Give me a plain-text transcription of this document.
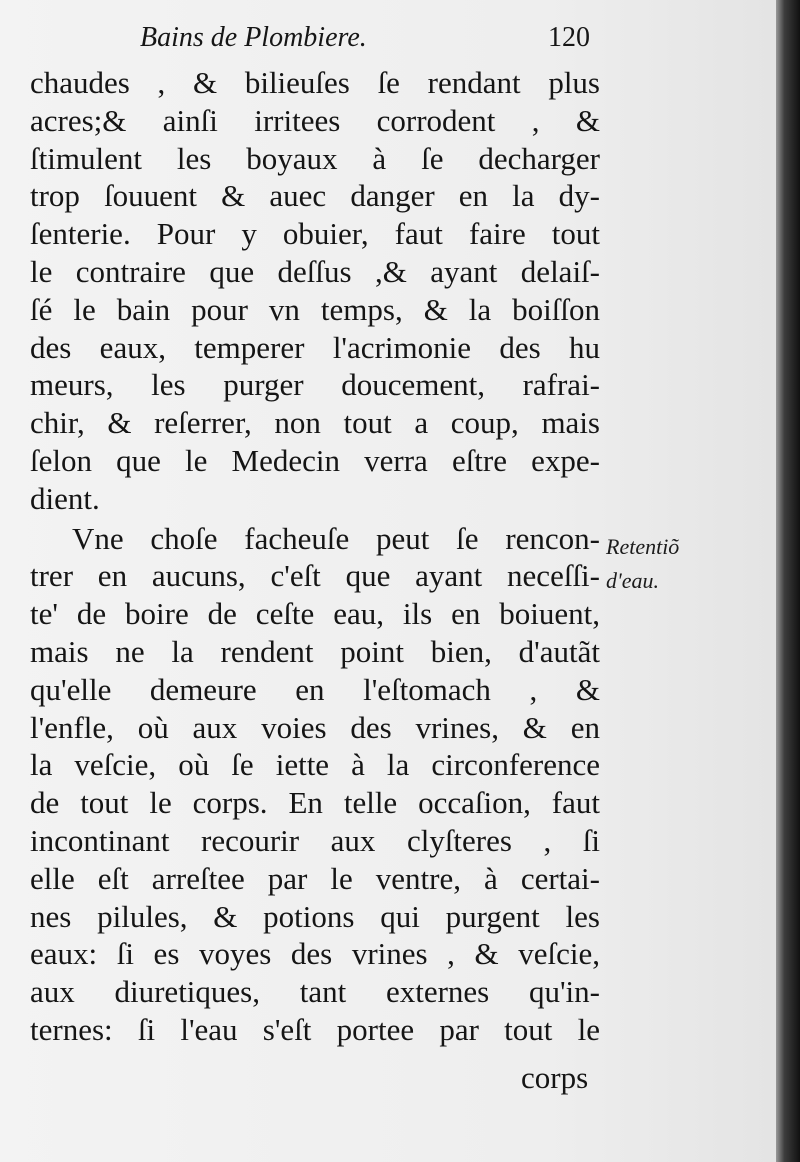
Bains de Plombiere.	120
chaudes , & bilieuſes ſe rendant plus
acres;& ainſi irritees corrodent , &
ſtimulent les boyaux à ſe decharger
trop ſouuent & auec danger en la dy-
ſenterie. Pour y obuier, faut faire tout
le contraire que deſſus ,& ayant delaiſ-
ſé le bain pour vn temps, & la boiſſon
des eaux, temperer l'acrimonie des hu
meurs, les purger doucement, rafrai-
chir, & reſerrer, non tout a coup, mais
ſelon que le Medecin verra eſtre expe-
dient.
Vne choſe facheuſe peut ſe rencon-
trer en aucuns, c'eſt que ayant neceſſi-
te' de boire de ceſte eau, ils en boiuent,
mais ne la rendent point bien, d'autãt
qu'elle demeure en l'eſtomach , &
l'enfle, où aux voies des vrines, & en
la veſcie, où ſe iette à la circonference
de tout le corps. En telle occaſion, faut
incontinant recourir aux clyſteres , ſi
elle eſt arreſtee par le ventre, à certai-
nes pilules, & potions qui purgent les
eaux: ſi es voyes des vrines , & veſcie,
aux diuretiques, tant externes qu'in-
ternes: ſi l'eau s'eſt portee par tout le
Retentiõ
d'eau.
corps
